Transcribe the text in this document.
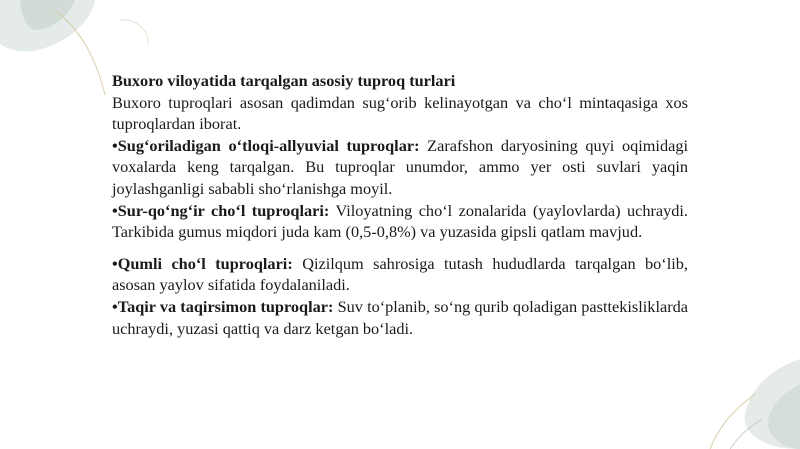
Buxoro viloyatida tarqalgan asosiy tuproq turlari

Buxoro tuproqlari asosan qadimdan sug‘orib kelinayotgan va cho‘l mintaqasiga xos tuproqlardan iborat.

•Sug‘oriladigan o‘tloqi-allyuvial tuproqlar: Zarafshon daryosining quyi oqimidagi voxalarda keng tarqalgan. Bu tuproqlar unumdor, ammo yer osti suvlari yaqin joylashganligi sababli sho‘rlanishga moyil.

•Sur-qo‘ng‘ir cho‘l tuproqlari: Viloyatning cho‘l zonalarida (yaylovlarda) uchraydi. Tarkibida gumus miqdori juda kam (0,5-0,8%) va yuzasida gipsli qatlam mavjud.

•Qumli cho‘l tuproqlari: Qizilqum sahrosiga tutash hududlarda tarqalgan bo‘lib, asosan yaylov sifatida foydalaniladi.

•Taqir va taqirsimon tuproqlar: Suv to‘planib, so‘ng qurib qoladigan pasttekisliklarda uchraydi, yuzasi qattiq va darz ketgan bo‘ladi.
